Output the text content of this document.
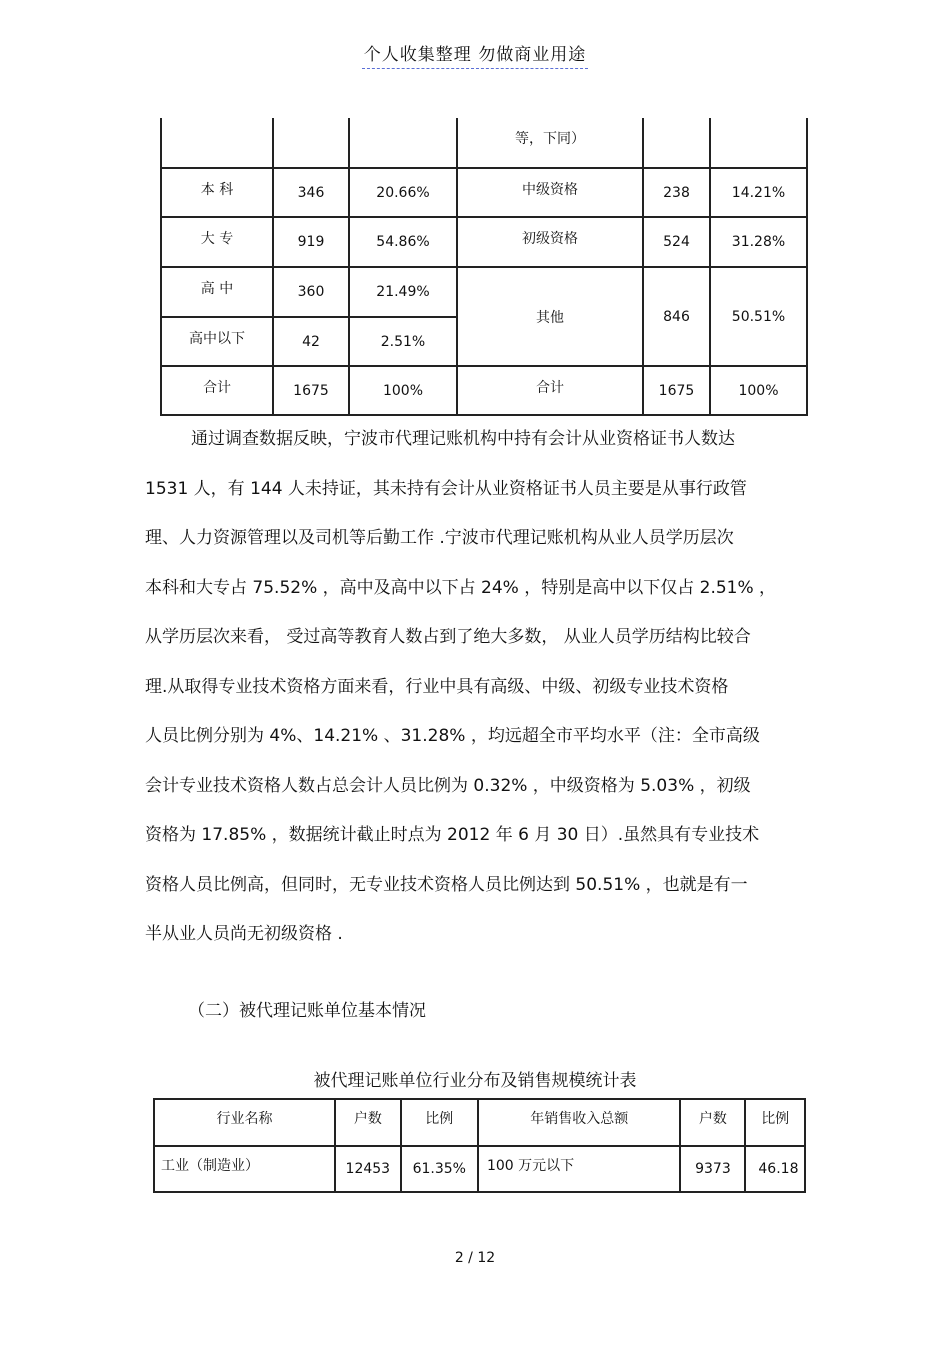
个人收集整理 勿做商业用途
			等，下同）		
本 科	346	20.66%	中级资格	238	14.21%
大 专	919	54.86%	初级资格	524	31.28%
高 中	360	21.49%	其他	846	50.51%
高中以下	42	2.51%			
合计	1675	100%	合计	1675	100%

通过调查数据反映，宁波市代理记账机构中持有会计从业资格证书人数达

1531 人，有 144 人未持证，其未持有会计从业资格证书人员主要是从事行政管

理、人力资源管理以及司机等后勤工作 .宁波市代理记账机构从业人员学历层次

本科和大专占 75.52% ，高中及高中以下占 24% ，特别是高中以下仅占 2.51% ，

从学历层次来看， 受过高等教育人数占到了绝大多数， 从业人员学历结构比较合

理.从取得专业技术资格方面来看，行业中具有高级、中级、初级专业技术资格

人员比例分别为 4%、14.21% 、31.28% ，均远超全市平均水平（注：全市高级

会计专业技术资格人数占总会计人员比例为 0.32% ，中级资格为 5.03% ，初级

资格为 17.85% ，数据统计截止时点为 2012 年 6 月 30 日）.虽然具有专业技术

资格人员比例高，但同时，无专业技术资格人员比例达到 50.51% ，也就是有一

半从业人员尚无初级资格 .

（二）被代理记账单位基本情况
被代理记账单位行业分布及销售规模统计表
行业名称	户数	比例	年销售收入总额	户数	比例
工业（制造业）	12453	61.35%	100 万元以下	9373	46.18
2 / 12
